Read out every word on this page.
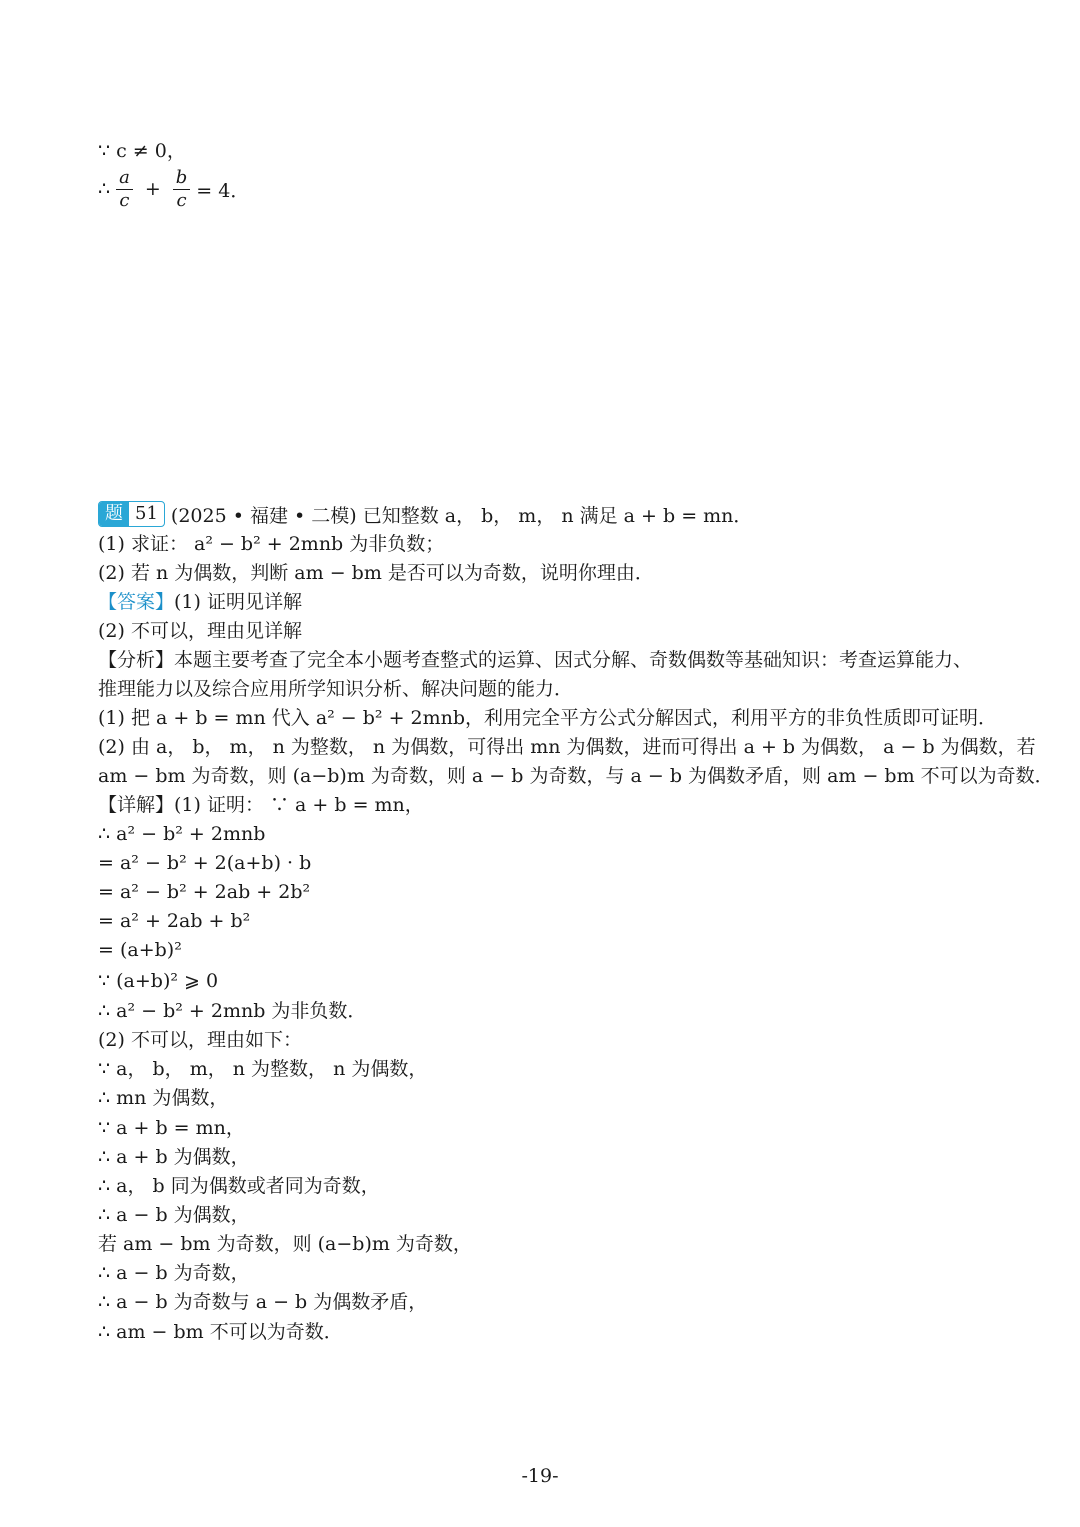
∵ c ≠ 0，
∴ $\frac{a}{c} + \frac{b}{c} = 4$．
题 51 (2025 • 福建 • 二模) 已知整数 a， b， m， n 满足 a + b = mn．
(1) 求证： a² − b² + 2mnb 为非负数；
(2) 若 n 为偶数，判断 am − bm 是否可以为奇数，说明你理由．
【答案】(1) 证明见详解
(2) 不可以，理由见详解
【分析】本题主要考查了完全本小题考查整式的运算、因式分解、奇数偶数等基础知识：考查运算能力、
推理能力以及综合应用所学知识分析、解决问题的能力．
(1) 把 a + b = mn 代入 a² − b² + 2mnb，利用完全平方公式分解因式，利用平方的非负性质即可证明．
(2) 由 a， b， m， n 为整数， n 为偶数，可得出 mn 为偶数，进而可得出 a + b 为偶数， a − b 为偶数，若
am − bm 为奇数，则 (a−b)m 为奇数，则 a − b 为奇数，与 a − b 为偶数矛盾，则 am − bm 不可以为奇数．
【详解】(1) 证明： ∵ a + b = mn，
∴ a² − b² + 2mnb
= a² − b² + 2(a+b) · b
= a² − b² + 2ab + 2b²
= a² + 2ab + b²
= (a+b)²
∵ (a+b)² ⩾ 0
∴ a² − b² + 2mnb 为非负数．
(2) 不可以，理由如下：
∵ a， b， m， n 为整数， n 为偶数，
∴ mn 为偶数，
∵ a + b = mn，
∴ a + b 为偶数，
∴ a， b 同为偶数或者同为奇数，
∴ a − b 为偶数，
若 am − bm 为奇数，则 (a−b)m 为奇数，
∴ a − b 为奇数，
∴ a − b 为奇数与 a − b 为偶数矛盾，
∴ am − bm 不可以为奇数．
-19-
